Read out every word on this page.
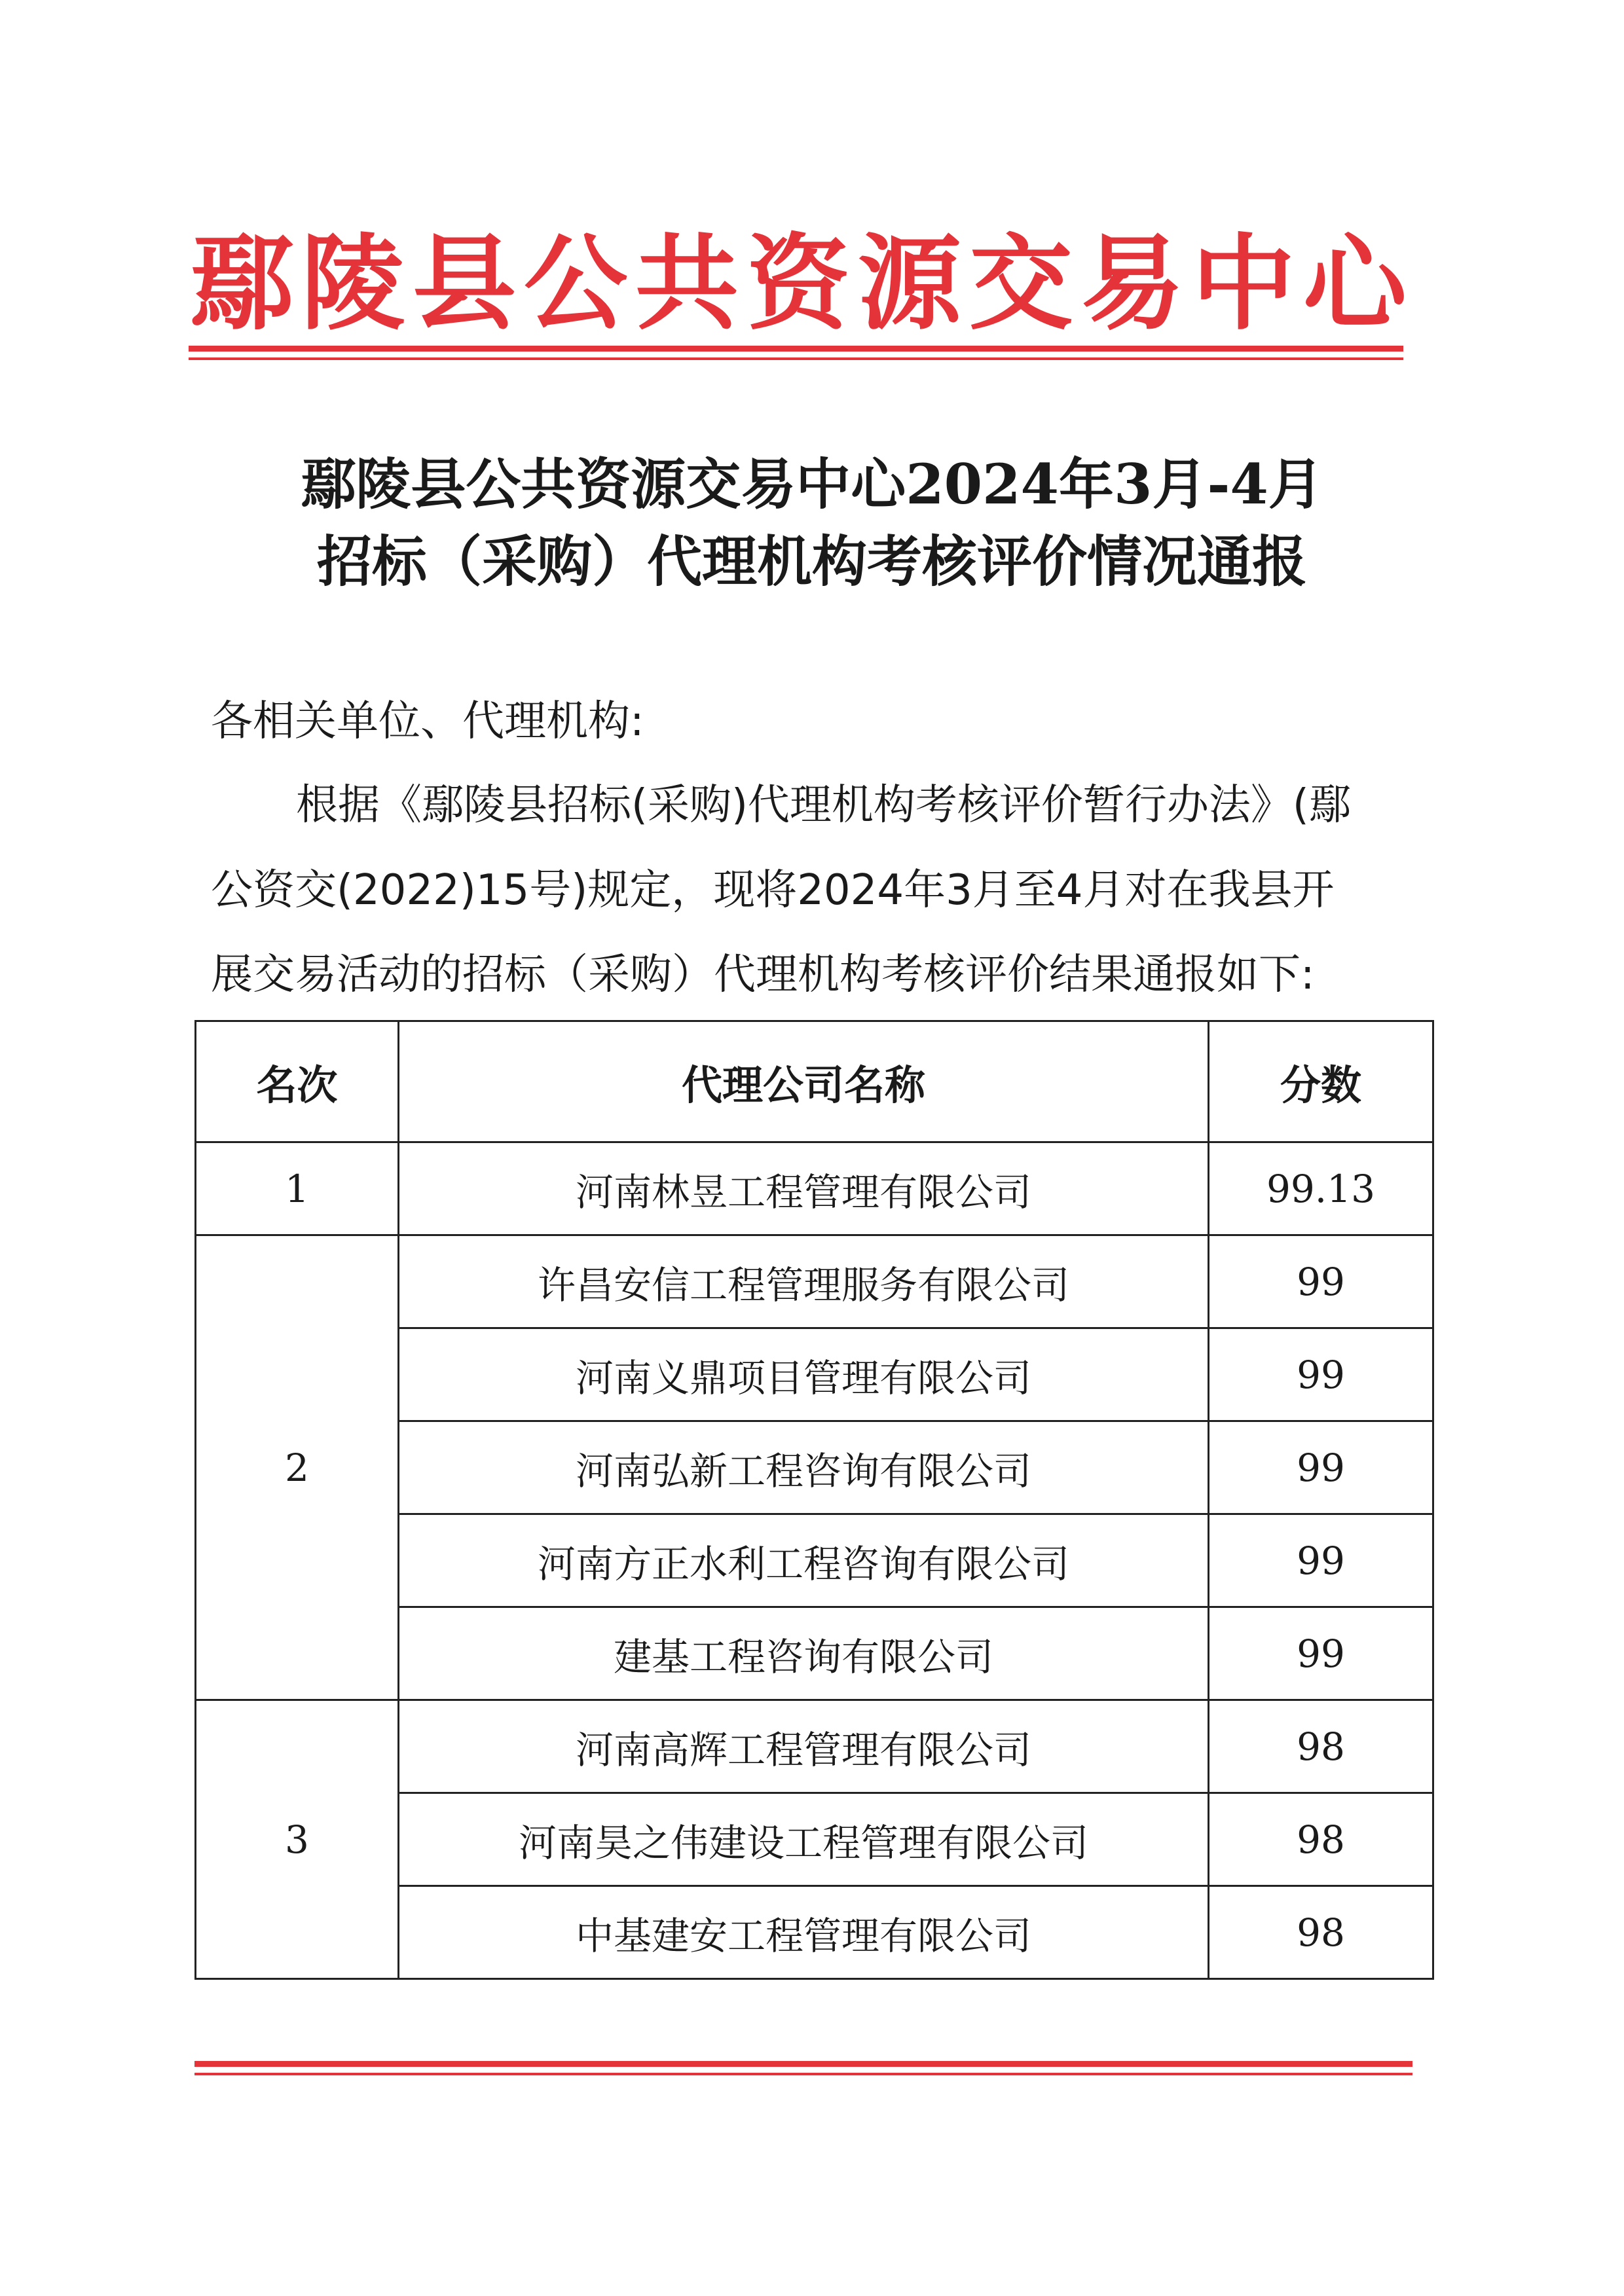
鄢陵县公共资源交易中心
鄢陵县公共资源交易中心2024年3月-4月
招标（采购）代理机构考核评价情况通报
各相关单位、代理机构:
根据《鄢陵县招标(采购)代理机构考核评价暂行办法》(鄢
公资交(2022)15号)规定，现将2024年3月至4月对在我县开
展交易活动的招标（采购）代理机构考核评价结果通报如下:
名次	代理公司名称	分数
1	河南林昱工程管理有限公司	99.13
2	许昌安信工程管理服务有限公司	99
	河南义鼎项目管理有限公司	99
	河南弘新工程咨询有限公司	99
	河南方正水利工程咨询有限公司	99
	建基工程咨询有限公司	99
3	河南高辉工程管理有限公司	98
	河南昊之伟建设工程管理有限公司	98
	中基建安工程管理有限公司	98
